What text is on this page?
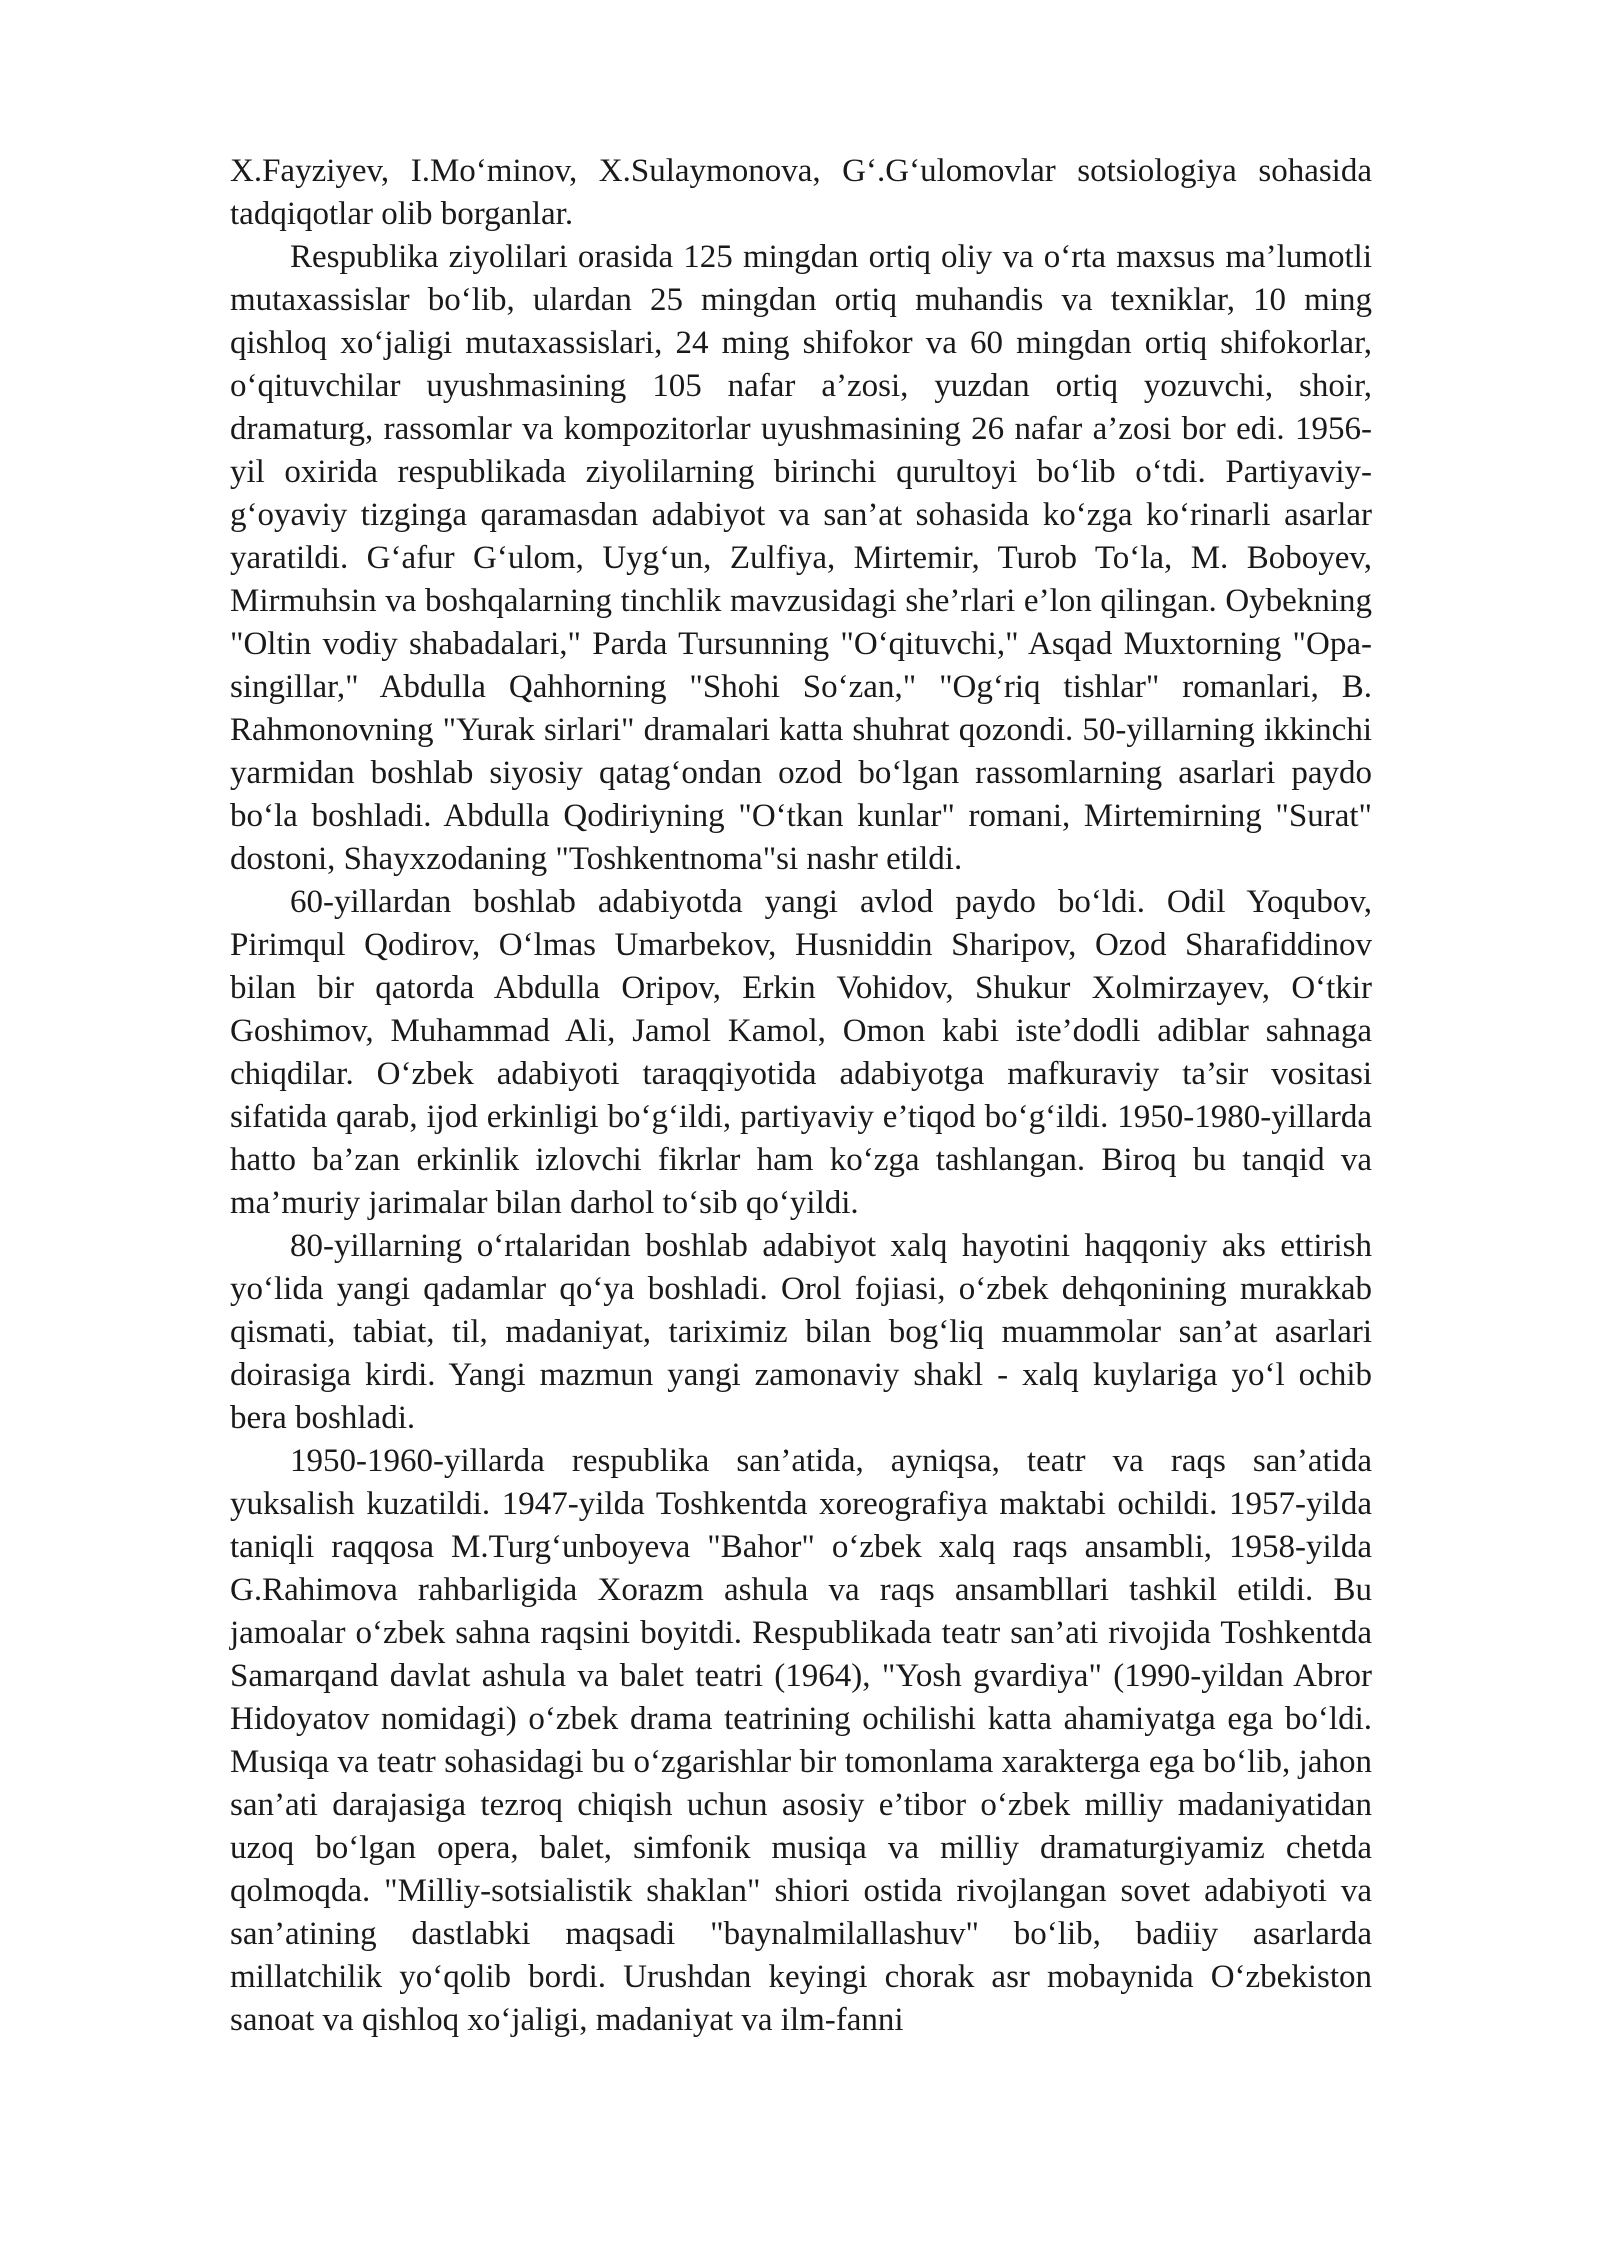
X.Fayziyev, I.Mo‘minov, X.Sulaymonova, G‘.G‘ulomovlar sotsiologiya sohasida tadqiqotlar olib borganlar.

Respublika ziyolilari orasida 125 mingdan ortiq oliy va o‘rta maxsus ma’lumotli mutaxassislar bo‘lib, ulardan 25 mingdan ortiq muhandis va texniklar, 10 ming qishloq xo‘jaligi mutaxassislari, 24 ming shifokor va 60 mingdan ortiq shifokorlar, o‘qituvchilar uyushmasining 105 nafar a’zosi, yuzdan ortiq yozuvchi, shoir, dramaturg, rassomlar va kompozitorlar uyushmasining 26 nafar a’zosi bor edi. 1956-yil oxirida respublikada ziyolilarning birinchi qurultoyi bo‘lib o‘tdi. Partiyaviy-g‘oyaviy tizginga qaramasdan adabiyot va san’at sohasida ko‘zga ko‘rinarli asarlar yaratildi. G‘afur G‘ulom, Uyg‘un, Zulfiya, Mirtemir, Turob To‘la, M. Boboyev, Mirmuhsin va boshqalarning tinchlik mavzusidagi she’rlari e’lon qilingan. Oybekning "Oltin vodiy shabadalari," Parda Tursunning "O‘qituvchi," Asqad Muxtorning "Opa-singillar," Abdulla Qahhorning "Shohi So‘zan," "Og‘riq tishlar" romanlari, B. Rahmonovning "Yurak sirlari" dramalari katta shuhrat qozondi. 50-yillarning ikkinchi yarmidan boshlab siyosiy qatag‘ondan ozod bo‘lgan rassomlarning asarlari paydo bo‘la boshladi. Abdulla Qodiriyning "O‘tkan kunlar" romani, Mirtemirning "Surat" dostoni, Shayxzodaning "Toshkentnoma"si nashr etildi.

60-yillardan boshlab adabiyotda yangi avlod paydo bo‘ldi. Odil Yoqubov, Pirimqul Qodirov, O‘lmas Umarbekov, Husniddin Sharipov, Ozod Sharafiddinov bilan bir qatorda Abdulla Oripov, Erkin Vohidov, Shukur Xolmirzayev, O‘tkir Goshimov, Muhammad Ali, Jamol Kamol, Omon kabi iste’dodli adiblar sahnaga chiqdilar. O‘zbek adabiyoti taraqqiyotida adabiyotga mafkuraviy ta’sir vositasi sifatida qarab, ijod erkinligi bo‘g‘ildi, partiyaviy e’tiqod bo‘g‘ildi. 1950-1980-yillarda hatto ba’zan erkinlik izlovchi fikrlar ham ko‘zga tashlangan. Biroq bu tanqid va ma’muriy jarimalar bilan darhol to‘sib qo‘yildi.

80-yillarning o‘rtalaridan boshlab adabiyot xalq hayotini haqqoniy aks ettirish yo‘lida yangi qadamlar qo‘ya boshladi. Orol fojiasi, o‘zbek dehqonining murakkab qismati, tabiat, til, madaniyat, tariximiz bilan bog‘liq muammolar san’at asarlari doirasiga kirdi. Yangi mazmun yangi zamonaviy shakl - xalq kuylariga yo‘l ochib bera boshladi.

1950-1960-yillarda respublika san’atida, ayniqsa, teatr va raqs san’atida yuksalish kuzatildi. 1947-yilda Toshkentda xoreografiya maktabi ochildi. 1957-yilda taniqli raqqosa M.Turg‘unboyeva "Bahor" o‘zbek xalq raqs ansambli, 1958-yilda G.Rahimova rahbarligida Xorazm ashula va raqs ansambllari tashkil etildi. Bu jamoalar o‘zbek sahna raqsini boyitdi. Respublikada teatr san’ati rivojida Toshkentda Samarqand davlat ashula va balet teatri (1964), "Yosh gvardiya" (1990-yildan Abror Hidoyatov nomidagi) o‘zbek drama teatrining ochilishi katta ahamiyatga ega bo‘ldi. Musiqa va teatr sohasidagi bu o‘zgarishlar bir tomonlama xarakterga ega bo‘lib, jahon san’ati darajasiga tezroq chiqish uchun asosiy e’tibor o‘zbek milliy madaniyatidan uzoq bo‘lgan opera, balet, simfonik musiqa va milliy dramaturgiyamiz chetda qolmoqda. "Milliy-sotsialistik shaklan" shiori ostida rivojlangan sovet adabiyoti va san’atining dastlabki maqsadi "baynalmilallashuv" bo‘lib, badiiy asarlarda millatchilik yo‘qolib bordi. Urushdan keyingi chorak asr mobaynida O‘zbekiston sanoat va qishloq xo‘jaligi, madaniyat va ilm-fanni
